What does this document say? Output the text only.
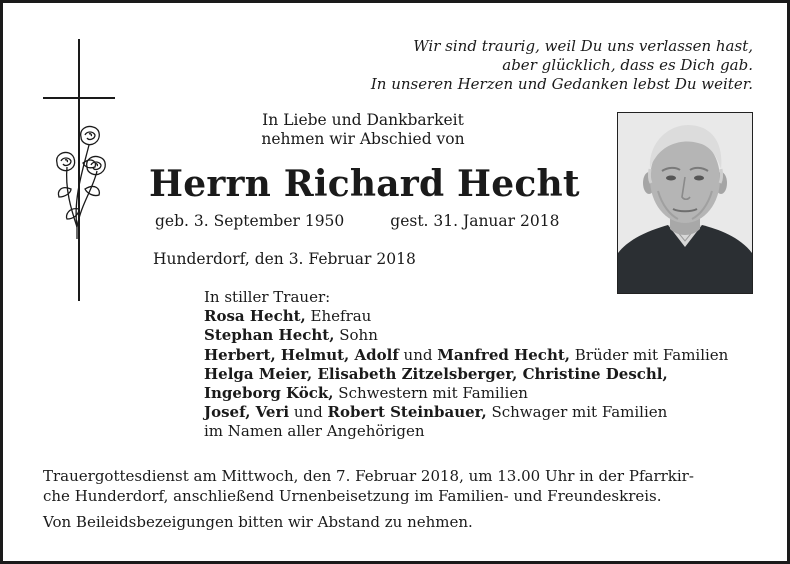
Wir sind traurig, weil Du uns verlassen hast,
aber glücklich, dass es Dich gab.
In unseren Herzen und Gedanken lebst Du weiter.
In Liebe und Dankbarkeit
nehmen wir Abschied von
Herrn Richard Hecht
geb. 3. September 1950	gest. 31. Januar 2018
Hunderdorf, den 3. Februar 2018
In stiller Trauer:
Rosa Hecht, Ehefrau
Stephan Hecht, Sohn
Herbert, Helmut, Adolf und Manfred Hecht, Brüder mit Familien
Helga Meier, Elisabeth Zitzelsberger, Christine Deschl,
Ingeborg Köck, Schwestern mit Familien
Josef, Veri und Robert Steinbauer, Schwager mit Familien
im Namen aller Angehörigen
Trauergottesdienst am Mittwoch, den 7. Februar 2018, um 13.00 Uhr in der Pfarrkir-
che Hunderdorf, anschließend Urnenbeisetzung im Familien- und Freundeskreis.
Von Beileidsbezeigungen bitten wir Abstand zu nehmen.
